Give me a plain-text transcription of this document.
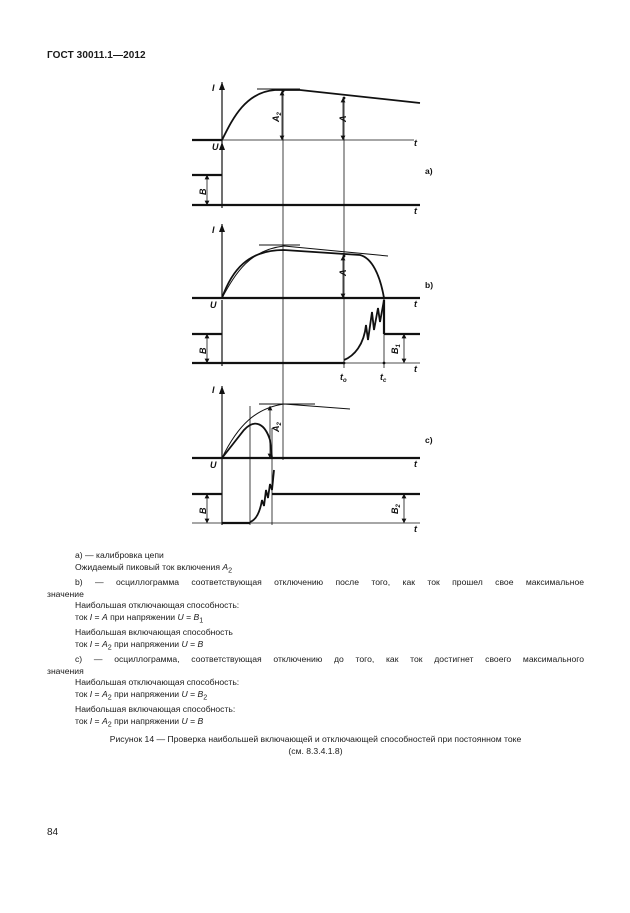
ГОСТ 30011.1—2012
I
t
U
t
a)
B
I
t
U
t
b)
B	$B_1$
A
$t_o$	$t_c$
I
t
U
t
c)
B	$B_2$
$A_2$
$A_2$
A

а) — калибровка цепи

Ожидаемый пиковый ток включения $A_2$

b) — осциллограмма соответствующая отключению после того, как ток прошел свое максимальное

значение

Наибольшая отключающая способность:

ток I = A при напряжении $U = B_1$

Наибольшая включающая способность

ток $I = A_2$ при напряжении U = B

с) — осциллограмма, соответствующая отключению до того, как ток достигнет своего максимального

значения

Наибольшая отключающая способность:

ток $I = A_2$ при напряжении $U = B_2$

Наибольшая включающая способность:

ток $I = A_2$ при напряжении U = B

Рисунок 14 — Проверка наибольшей включающей и отключающей способностей при постоянном токе
(см. 8.3.4.1.8)
84
